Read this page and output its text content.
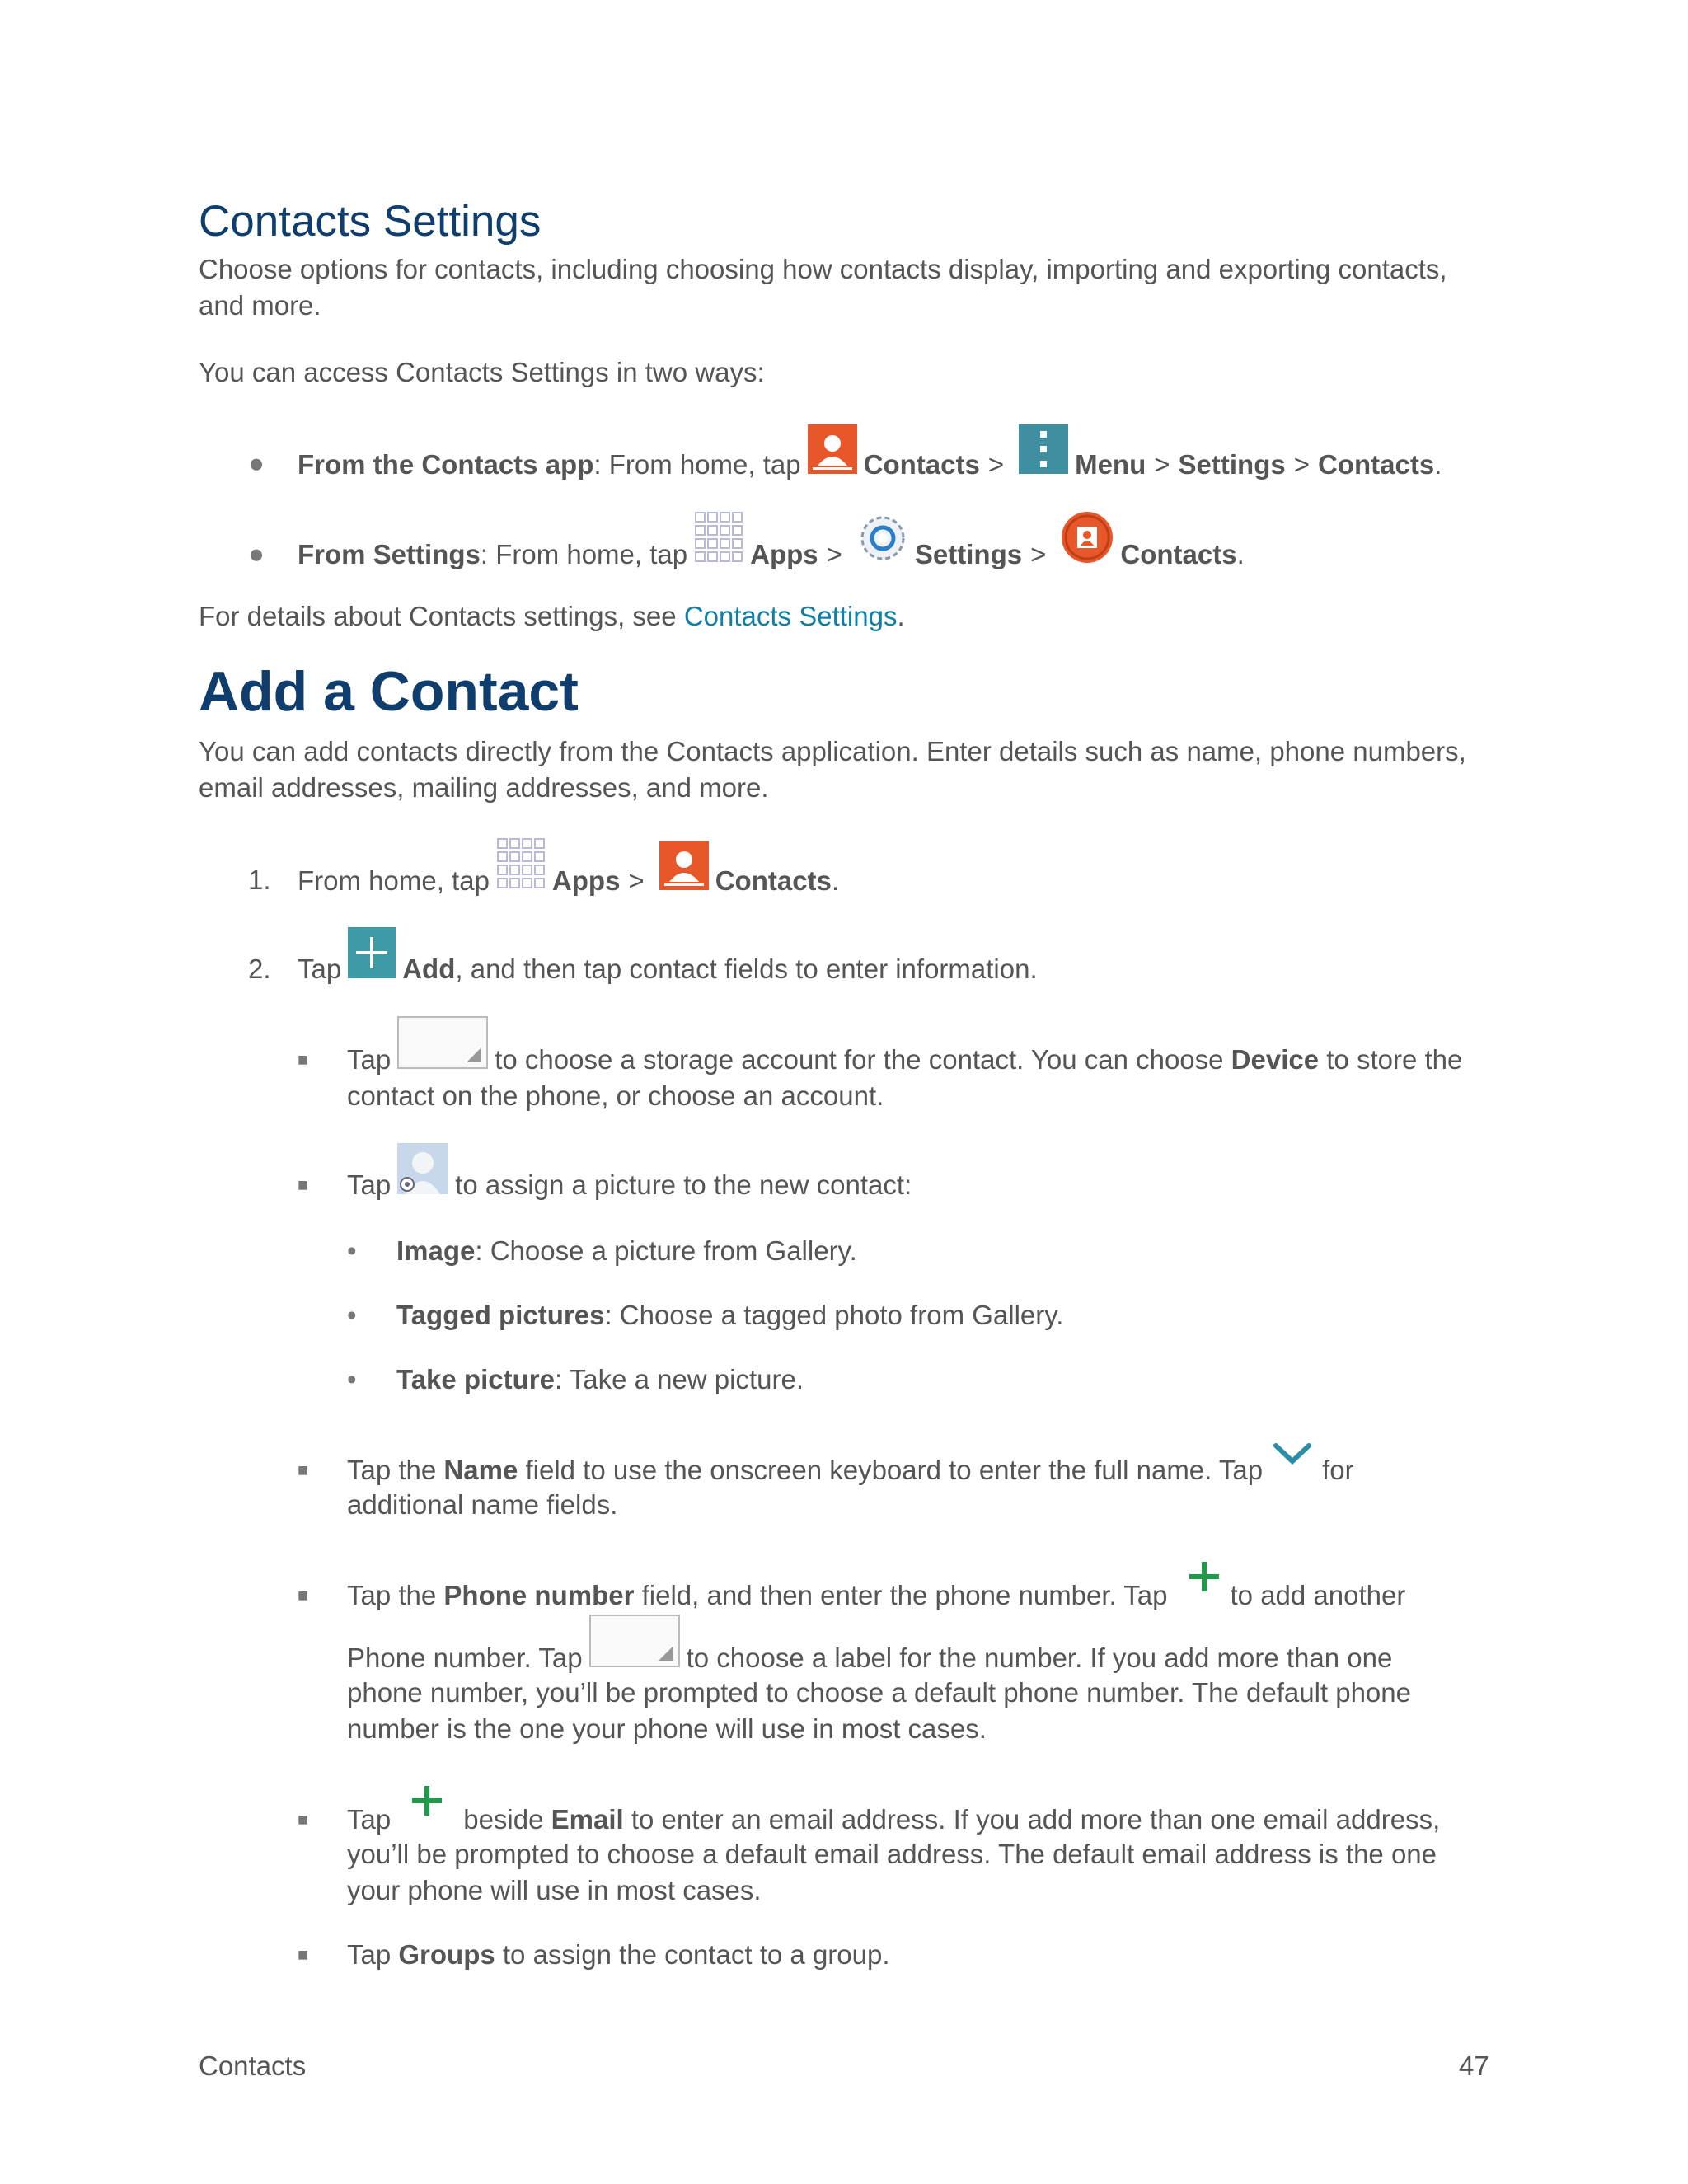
Contacts Settings

Choose options for contacts, including choosing how contacts display, importing and exporting contacts, and more.

You can access Contacts Settings in two ways:

● From the Contacts app : From home, tap Contacts >	Menu > Settings > Contacts .
● From Settings : From home, tap Apps >	Settings >	Contacts .

For details about Contacts settings, see Contacts Settings.

Add a Contact

You can add contacts directly from the Contacts application. Enter details such as name, phone numbers, email addresses, mailing addresses, and more.

1. From home, tap Apps >	Contacts .
2. Tap Add , and then tap contact fields to enter information.
■ Tap	to choose a storage account for the contact. You can choose Device to store the
contact on the phone, or choose an account.
■ Tap to assign a picture to the new contact:
• Image: Choose a picture from Gallery.
• Tagged pictures: Choose a tagged photo from Gallery.
• Take picture: Take a new picture.
■ Tap the Name field to use the onscreen keyboard to enter the full name. Tap for
additional name fields.
■ Tap the Phone number field, and then enter the phone number. Tap to add another
Phone number. Tap	to choose a label for the number. If you add more than one
phone number, you’ll be prompted to choose a default phone number. The default phone
number is the one your phone will use in most cases.
■ Tap	beside Email to enter an email address. If you add more than one email address,
you’ll be prompted to choose a default email address. The default email address is the one
your phone will use in most cases.
■ Tap Groups to assign the contact to a group.
Contacts	47
